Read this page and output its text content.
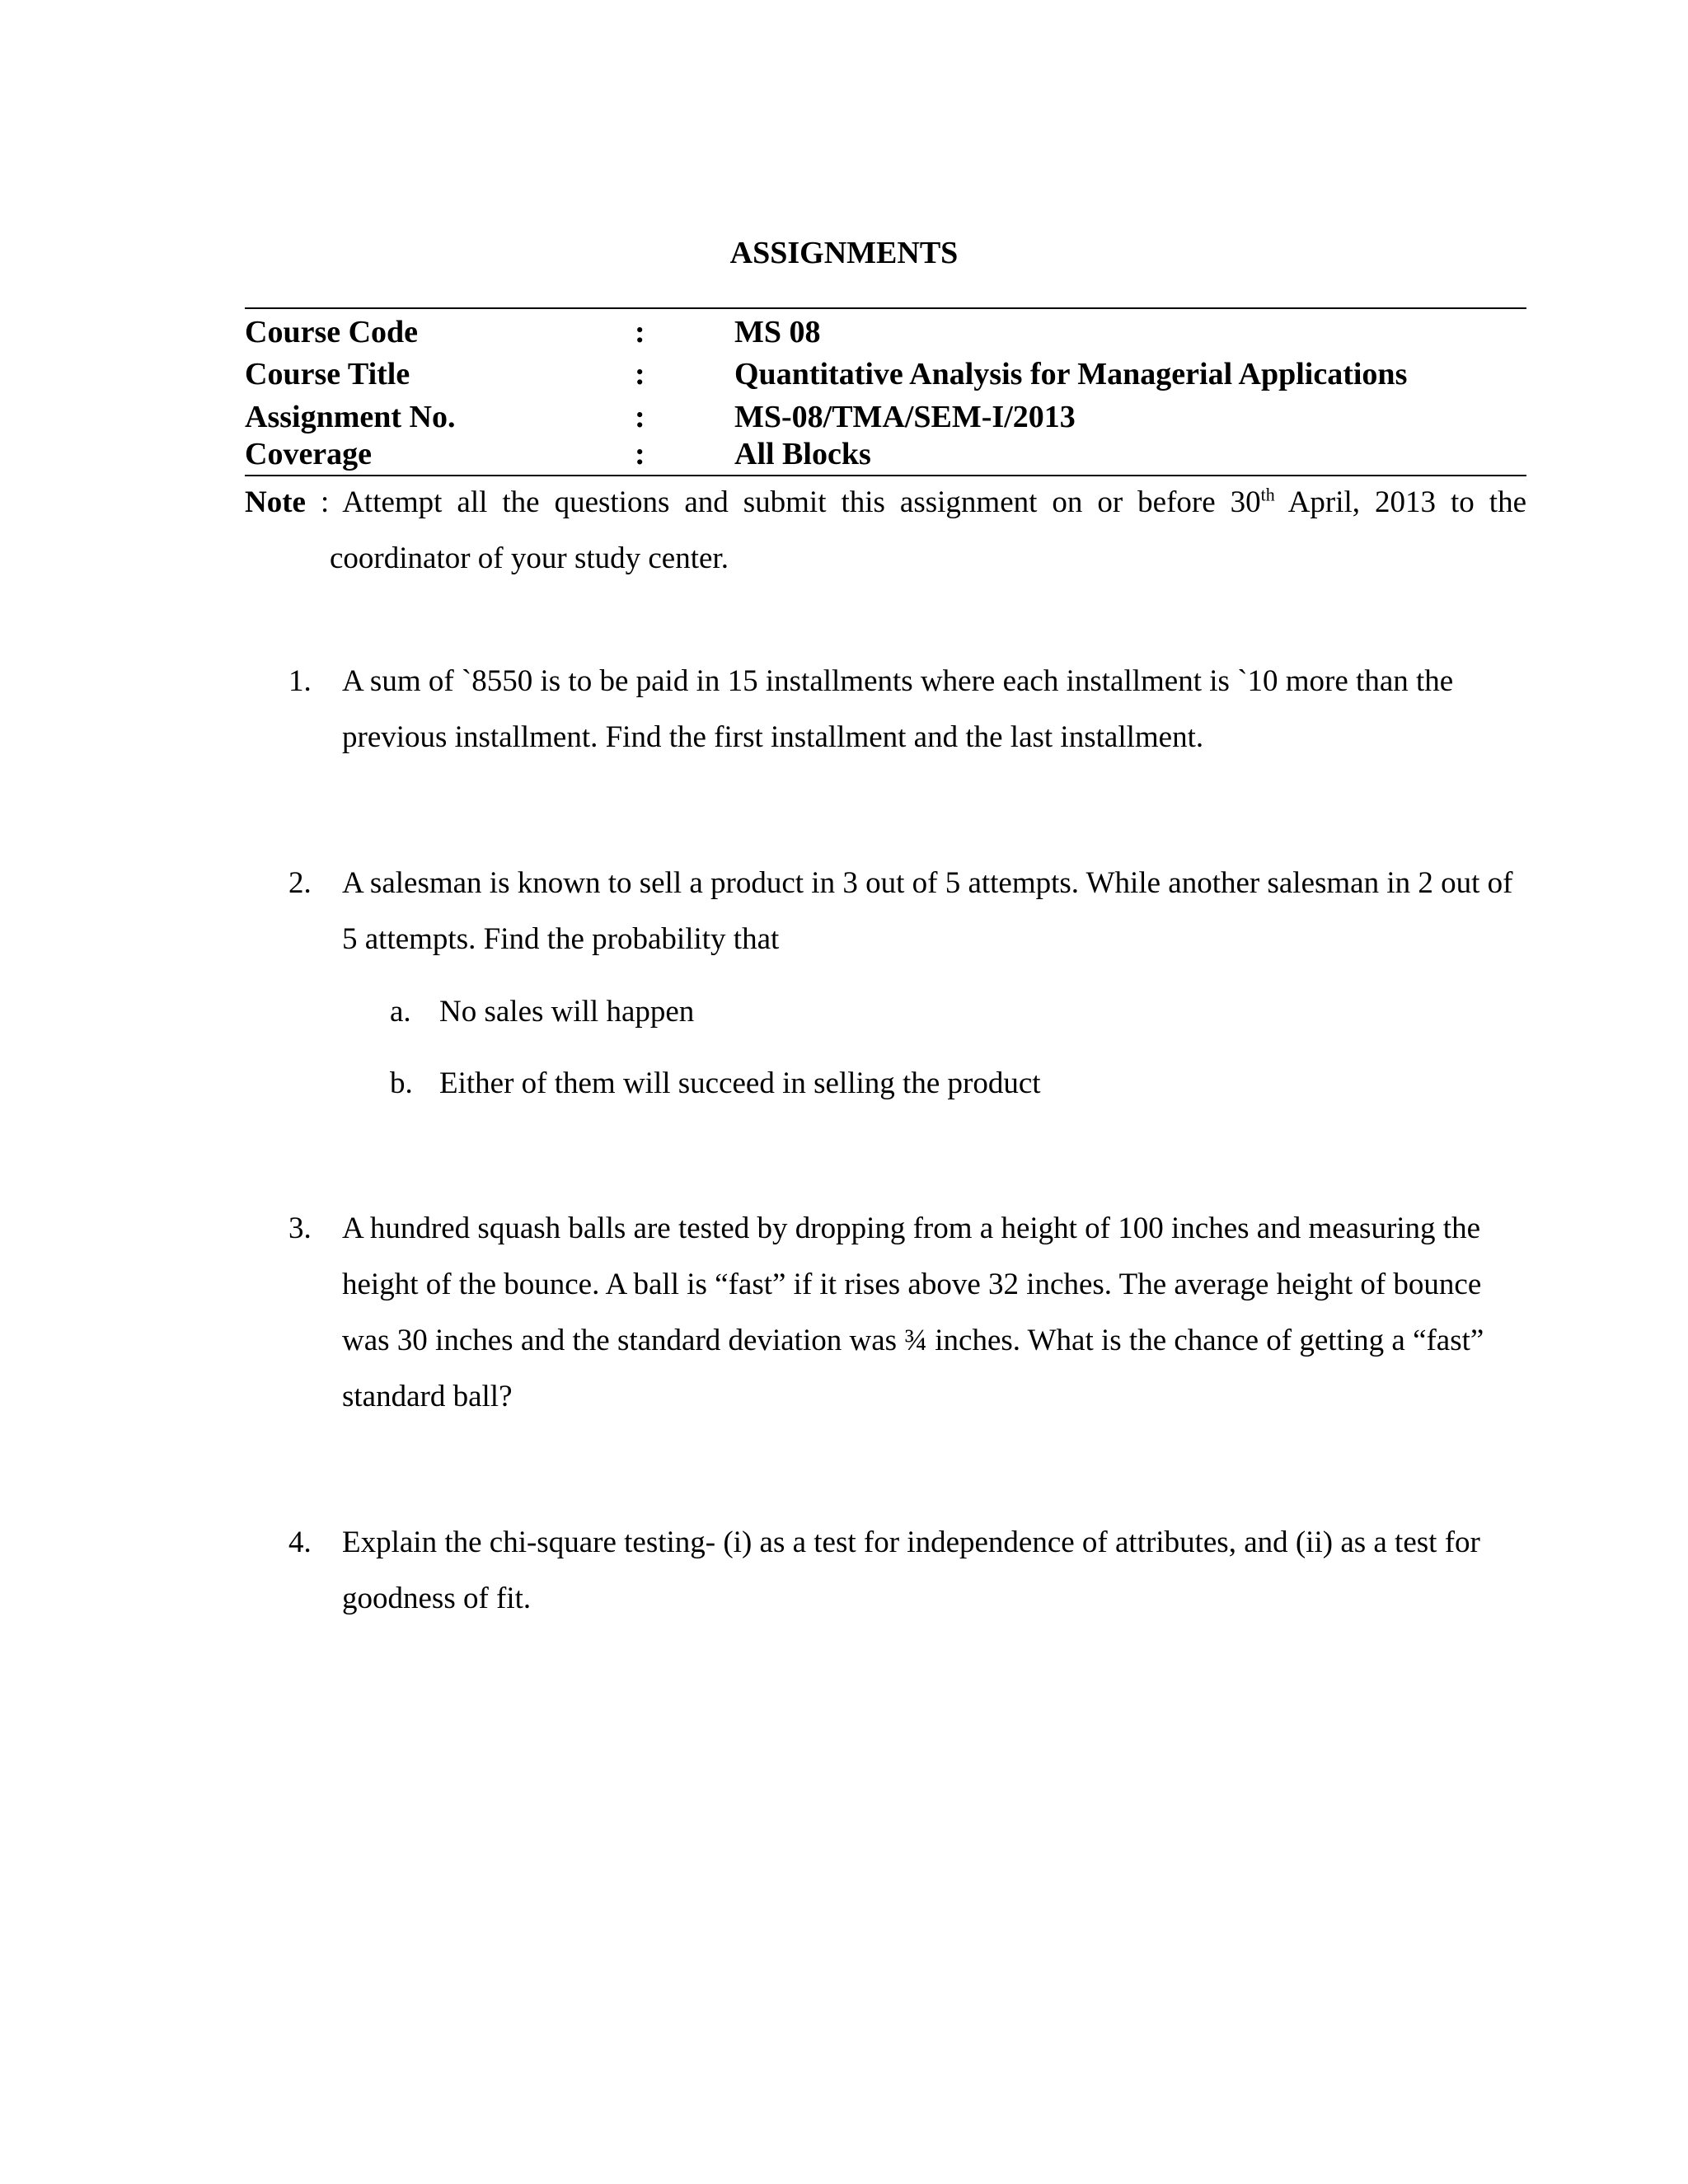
ASSIGNMENTS
Course Code	:	MS 08
Course Title	:	Quantitative Analysis for Managerial Applications
Assignment No.	:	MS-08/TMA/SEM-I/2013
Coverage	:	All Blocks
Note : Attempt all the questions and submit this assignment on or before 30th April, 2013 to the
coordinator of your study center.
1.	A sum of `8550 is to be paid in 15 installments where each installment is `10 more than the previous installment. Find the first installment and the last installment.
2.	A salesman is known to sell a product in 3 out of 5 attempts. While another salesman in 2 out of 5 attempts. Find the probability that
a. No sales will happen
b. Either of them will succeed in selling the product
3.	A hundred squash balls are tested by dropping from a height of 100 inches and measuring the height of the bounce. A ball is “fast” if it rises above 32 inches. The average height of bounce was 30 inches and the standard deviation was ¾ inches. What is the chance of getting a “fast” standard ball?
4.	Explain the chi-square testing- (i) as a test for independence of attributes, and (ii) as a test for goodness of fit.
